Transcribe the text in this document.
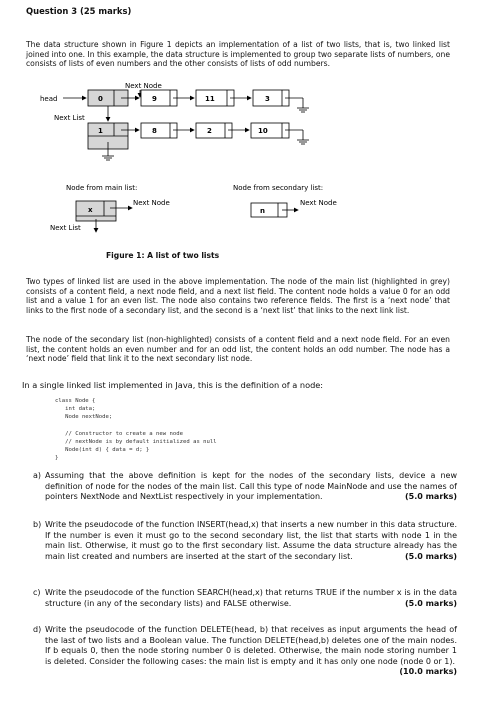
Question 3 (25 marks)
The data structure shown in Figure 1 depicts an implementation of a list of two lists, that is, two linked list joined into one. In this example, the data structure is implemented to group two separate lists of numbers, one consists of lists of even numbers and the other consists of lists of odd numbers.
Next Node
head	0	9	11	3
Next List
1	8	2	10
Node from main list:	Node from secondary list:
Next Node
x
Next List
Next Node
n
Figure 1: A list of two lists
Two types of linked list are used in the above implementation. The node of the main list (highlighted in grey) consists of a content field, a next node field, and a next list field. The content node holds a value 0 for an odd list and a value 1 for an even list. The node also contains two reference fields. The first is a ‘next node’ that links to the first node of a secondary list, and the second is a ‘next list’ that links to the next link list.
The node of the secondary list (non-highlighted) consists of a content field and a next node field. For an even list, the content holds an even number and for an odd list, the content holds an odd number. The node has a ‘next node’ field that link it to the next secondary list node.
In a single linked list implemented in Java, this is the definition of a node:
class Node {
int data;
Node nextNode;
// Constructor to create a new node
// nextNode is by default initialized as null
Node(int d) { data = d; }
}
a) Assuming that the above definition is kept for the nodes of the secondary lists, device a new definition of node for the nodes of the main list. Call this type of node MainNode and use the names of pointers NextNode and NextList respectively in your implementation.	(5.0 marks)
b) Write the pseudocode of the function INSERT(head,x) that inserts a new number in this data structure. If the number is even it must go to the second secondary list, the list that starts with node 1 in the main list. Otherwise, it must go to the first secondary list. Assume the data structure already has the main list created and numbers are inserted at the start of the secondary list.	(5.0 marks)
c) Write the pseudocode of the function SEARCH(head,x) that returns TRUE if the number x is in the data structure (in any of the secondary lists) and FALSE otherwise.	(5.0 marks)
d) Write the pseudocode of the function DELETE(head, b) that receives as input arguments the head of the last of two lists and a Boolean value. The function DELETE(head,b) deletes one of the main nodes. If b equals 0, then the node storing number 0 is deleted. Otherwise, the main node storing number 1 is deleted. Consider the following cases: the main list is empty and it has only one node (node 0 or 1).
(10.0 marks)
